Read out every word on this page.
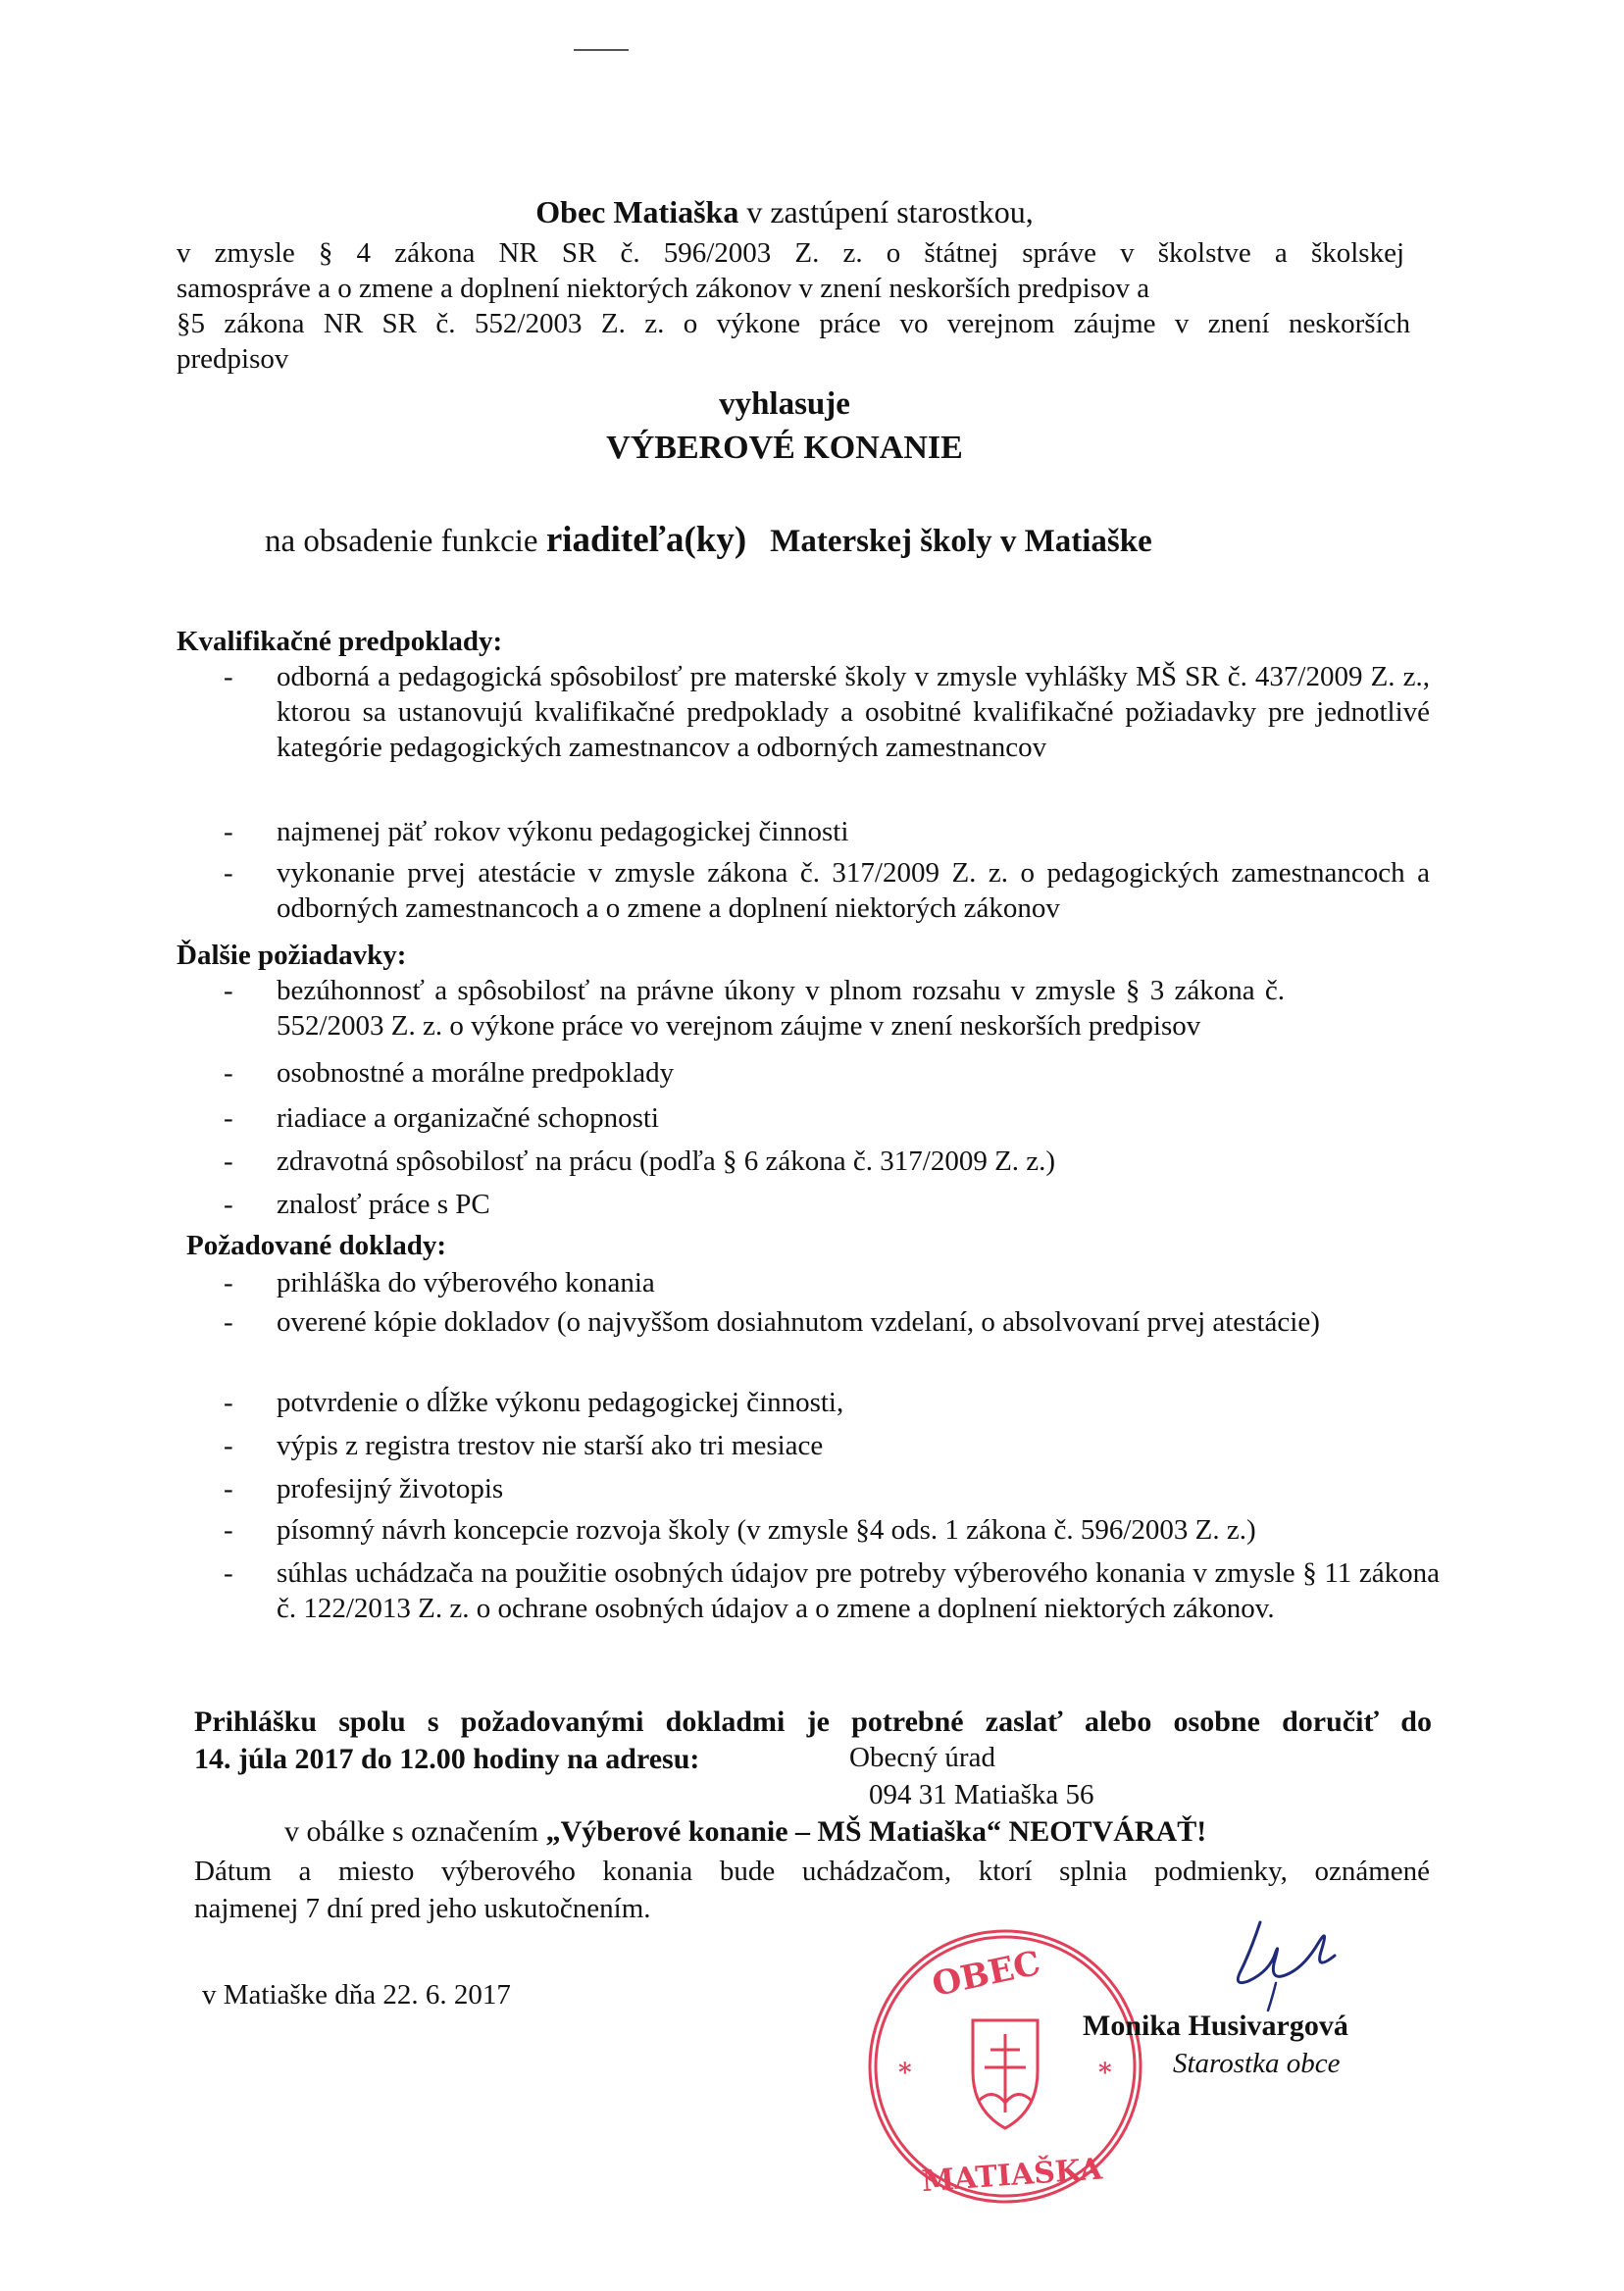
Obec Matiaška v zastúpení starostkou,
v zmysle § 4 zákona NR SR č. 596/2003 Z. z. o štátnej správe v školstve a školskej
samospráve a o zmene a doplnení niektorých zákonov v znení neskorších predpisov a
§5 zákona NR SR č. 552/2003 Z. z. o výkone práce vo verejnom záujme v znení neskorších
predpisov
vyhlasuje
VÝBEROVÉ KONANIE
na obsadenie funkcie riaditeľa(ky) Materskej školy v Matiaške
Kvalifikačné predpoklady:
- odborná a pedagogická spôsobilosť pre materské školy v zmysle vyhlášky MŠ SR č. 437/2009 Z. z., ktorou sa ustanovujú kvalifikačné predpoklady a osobitné kvalifikačné požiadavky pre jednotlivé kategórie pedagogických zamestnancov a odborných zamestnancov
- najmenej päť rokov výkonu pedagogickej činnosti
- vykonanie prvej atestácie v zmysle zákona č. 317/2009 Z. z. o pedagogických zamestnancoch a odborných zamestnancoch a o zmene a doplnení niektorých zákonov
Ďalšie požiadavky:
- bezúhonnosť a spôsobilosť na právne úkony v plnom rozsahu v zmysle § 3 zákona č. 552/2003 Z. z. o výkone práce vo verejnom záujme v znení neskorších predpisov
- osobnostné a morálne predpoklady
- riadiace a organizačné schopnosti
- zdravotná spôsobilosť na prácu (podľa § 6 zákona č. 317/2009 Z. z.)
- znalosť práce s PC
Požadované doklady:
- prihláška do výberového konania
- overené kópie dokladov (o najvyššom dosiahnutom vzdelaní, o absolvovaní prvej atestácie)
- potvrdenie o dĺžke výkonu pedagogickej činnosti,
- výpis z registra trestov nie starší ako tri mesiace
- profesijný životopis
- písomný návrh koncepcie rozvoja školy (v zmysle §4 ods. 1 zákona č. 596/2003 Z. z.)
- súhlas uchádzača na použitie osobných údajov pre potreby výberového konania v zmysle § 11 zákona č. 122/2013 Z. z. o ochrane osobných údajov a o zmene a doplnení niektorých zákonov.
Prihlášku spolu s požadovanými dokladmi je potrebné zaslať alebo osobne doručiť do
14. júla 2017 do 12.00 hodiny na adresu:	Obecný úrad
094 31 Matiaška 56
v obálke s označením „Výberové konanie – MŠ Matiaška“ NEOTVÁRAŤ!
Dátum a miesto výberového konania bude uchádzačom, ktorí splnia podmienky, oznámené
najmenej 7 dní pred jeho uskutočnením.
v Matiaške dňa 22. 6. 2017	OBEC
MATIAŠKA
*	*
Monika Husivargová
Starostka obce
